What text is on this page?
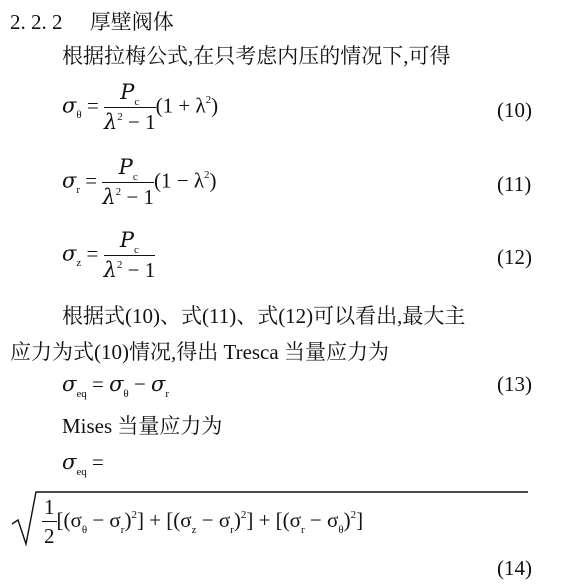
2. 2. 2 厚壁阀体
根据拉梅公式,在只考虑内压的情况下,可得
$\sigma_\theta = \frac{P_c}{\lambda^2 - 1} (1 + \lambda^2)$	(10)
$\sigma_r = \frac{P_c}{\lambda^2 - 1} (1 - \lambda^2)$	(11)
$\sigma_z = \frac{P_c}{\lambda^2 - 1}$	(12)
根据式(10)、式(11)、式(12)可以看出,最大主
应力为式(10)情况,得出 Tresca 当量应力为
$\sigma_{eq} = \sigma_\theta - \sigma_r$	(13)
Mises 当量应力为
$\sigma_{eq}$ =
$\frac{1}{2} [(\sigma_\theta - \sigma_r)^2] + [(\sigma_z - \sigma_r)^2] + [(\sigma_r - \sigma_\theta)^2]$
(14)
